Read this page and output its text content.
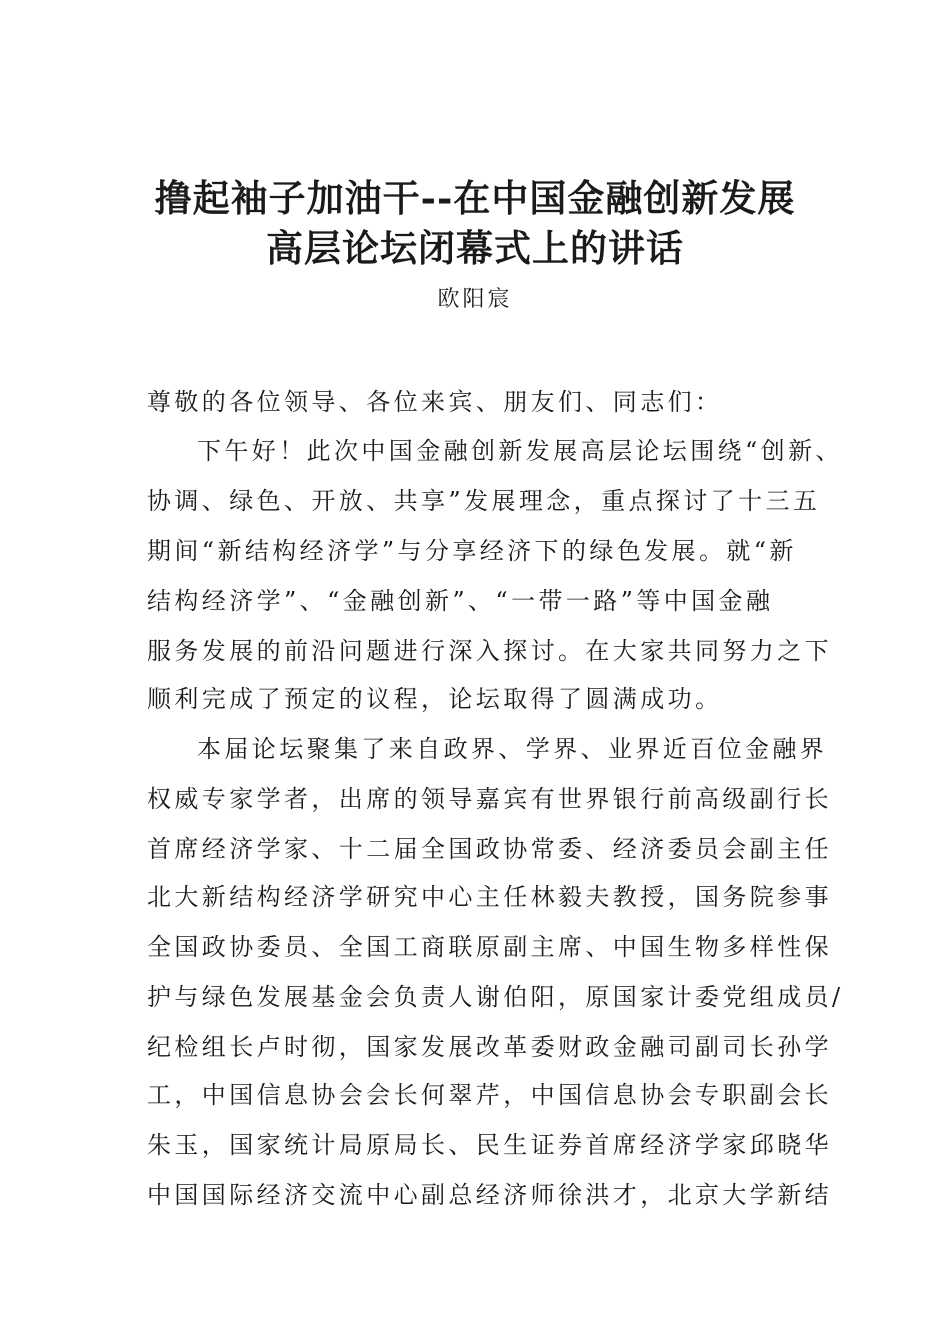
撸起袖子加油干--在中国金融创新发展
高层论坛闭幕式上的讲话
欧阳宸
尊敬的各位领导、各位来宾、朋友们、同志们：
下午好！此次中国金融创新发展高层论坛围绕“创新、
协调、绿色、开放、共享”发展理念，重点探讨了十三五
期间“新结构经济学”与分享经济下的绿色发展。就“新
结构经济学”、“金融创新”、“一带一路”等中国金融
服务发展的前沿问题进行深入探讨。在大家共同努力之下
顺利完成了预定的议程，论坛取得了圆满成功。
本届论坛聚集了来自政界、学界、业界近百位金融界
权威专家学者，出席的领导嘉宾有世界银行前高级副行长
首席经济学家、十二届全国政协常委、经济委员会副主任
北大新结构经济学研究中心主任林毅夫教授，国务院参事
全国政协委员、全国工商联原副主席、中国生物多样性保
护与绿色发展基金会负责人谢伯阳，原国家计委党组成员/
纪检组长卢时彻，国家发展改革委财政金融司副司长孙学
工，中国信息协会会长何翠芹，中国信息协会专职副会长
朱玉，国家统计局原局长、民生证券首席经济学家邱晓华
中国国际经济交流中心副总经济师徐洪才，北京大学新结
